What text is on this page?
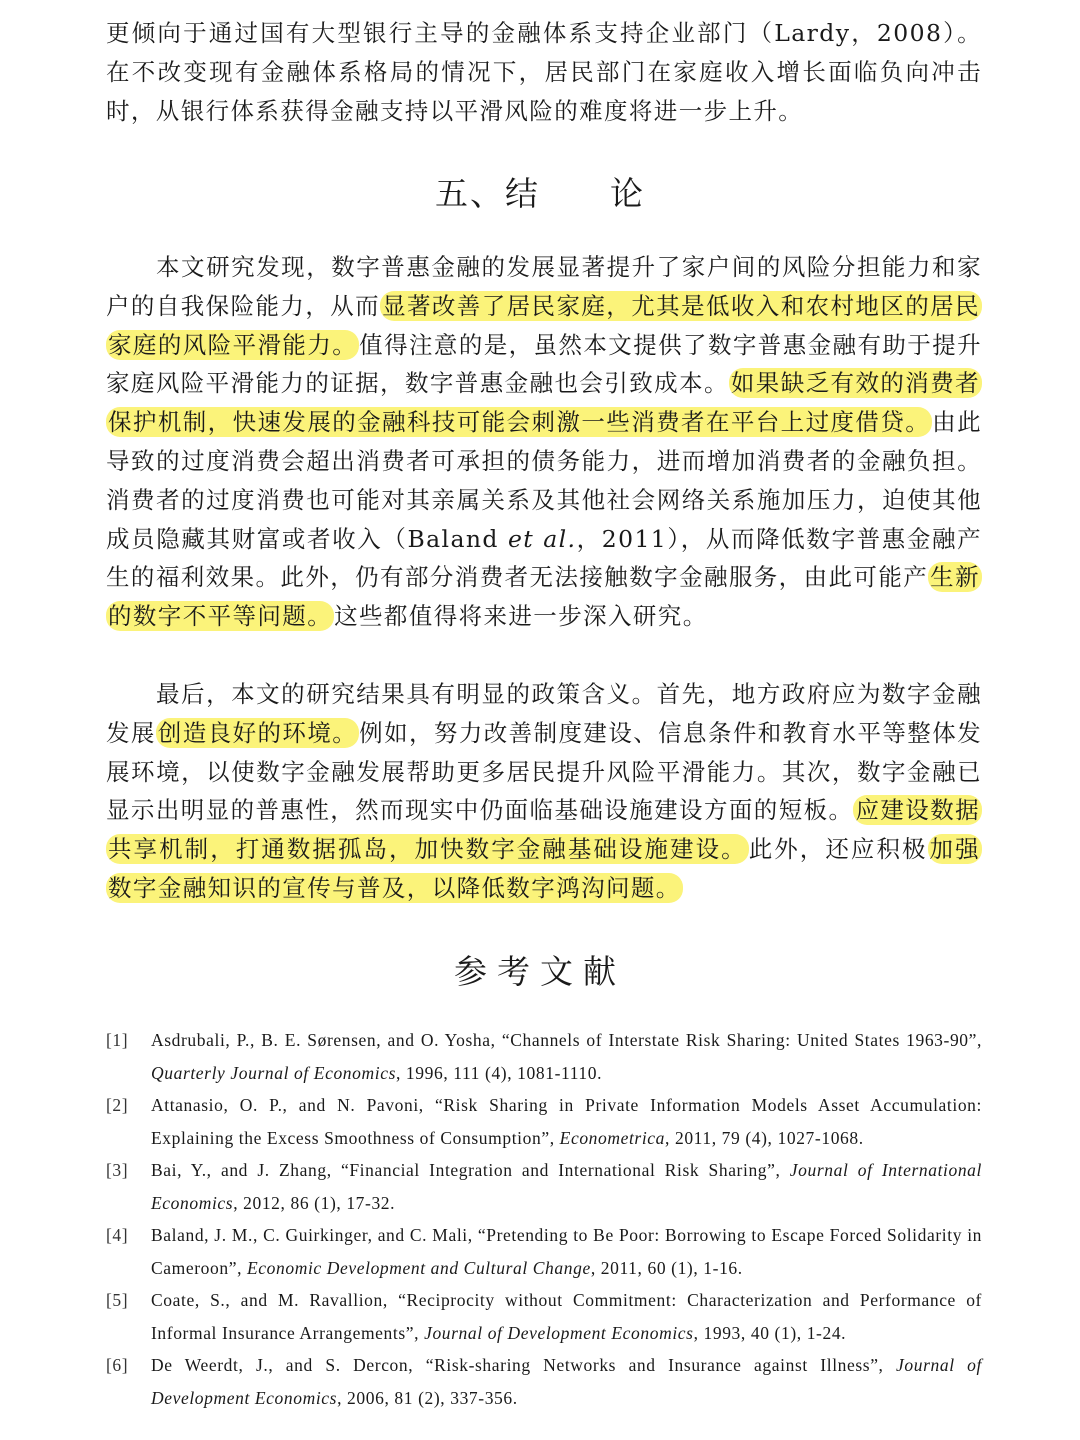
更倾向于通过国有大型银行主导的金融体系支持企业部门（Lardy，2008）。在不改变现有金融体系格局的情况下，居民部门在家庭收入增长面临负向冲击时，从银行体系获得金融支持以平滑风险的难度将进一步上升。

五、结　　论

本文研究发现，数字普惠金融的发展显著提升了家户间的风险分担能力和家户的自我保险能力，从而显著改善了居民家庭，尤其是低收入和农村地区的居民家庭的风险平滑能力。值得注意的是，虽然本文提供了数字普惠金融有助于提升家庭风险平滑能力的证据，数字普惠金融也会引致成本。如果缺乏有效的消费者保护机制，快速发展的金融科技可能会刺激一些消费者在平台上过度借贷。由此导致的过度消费会超出消费者可承担的债务能力，进而增加消费者的金融负担。消费者的过度消费也可能对其亲属关系及其他社会网络关系施加压力，迫使其他成员隐藏其财富或者收入（Baland et al.，2011），从而降低数字普惠金融产生的福利效果。此外，仍有部分消费者无法接触数字金融服务，由此可能产生新的数字不平等问题。这些都值得将来进一步深入研究。

最后，本文的研究结果具有明显的政策含义。首先，地方政府应为数字金融发展创造良好的环境。例如，努力改善制度建设、信息条件和教育水平等整体发展环境，以使数字金融发展帮助更多居民提升风险平滑能力。其次，数字金融已显示出明显的普惠性，然而现实中仍面临基础设施建设方面的短板。应建设数据共享机制，打通数据孤岛，加快数字金融基础设施建设。此外，还应积极加强数字金融知识的宣传与普及，以降低数字鸿沟问题。

参考文献
[1] Asdrubali, P., B. E. Sørensen, and O. Yosha, “Channels of Interstate Risk Sharing: United States 1963-90”, Quarterly Journal of Economics, 1996, 111 (4), 1081-1110.
[2] Attanasio, O. P., and N. Pavoni, “Risk Sharing in Private Information Models Asset Accumulation: Explaining the Excess Smoothness of Consumption”, Econometrica, 2011, 79 (4), 1027-1068.
[3] Bai, Y., and J. Zhang, “Financial Integration and International Risk Sharing”, Journal of International Economics, 2012, 86 (1), 17-32.
[4] Baland, J. M., C. Guirkinger, and C. Mali, “Pretending to Be Poor: Borrowing to Escape Forced Solidarity in Cameroon”, Economic Development and Cultural Change, 2011, 60 (1), 1-16.
[5] Coate, S., and M. Ravallion, “Reciprocity without Commitment: Characterization and Performance of Informal Insurance Arrangements”, Journal of Development Economics, 1993, 40 (1), 1-24.
[6] De Weerdt, J., and S. Dercon, “Risk-sharing Networks and Insurance against Illness”, Journal of Development Economics, 2006, 81 (2), 337-356.
